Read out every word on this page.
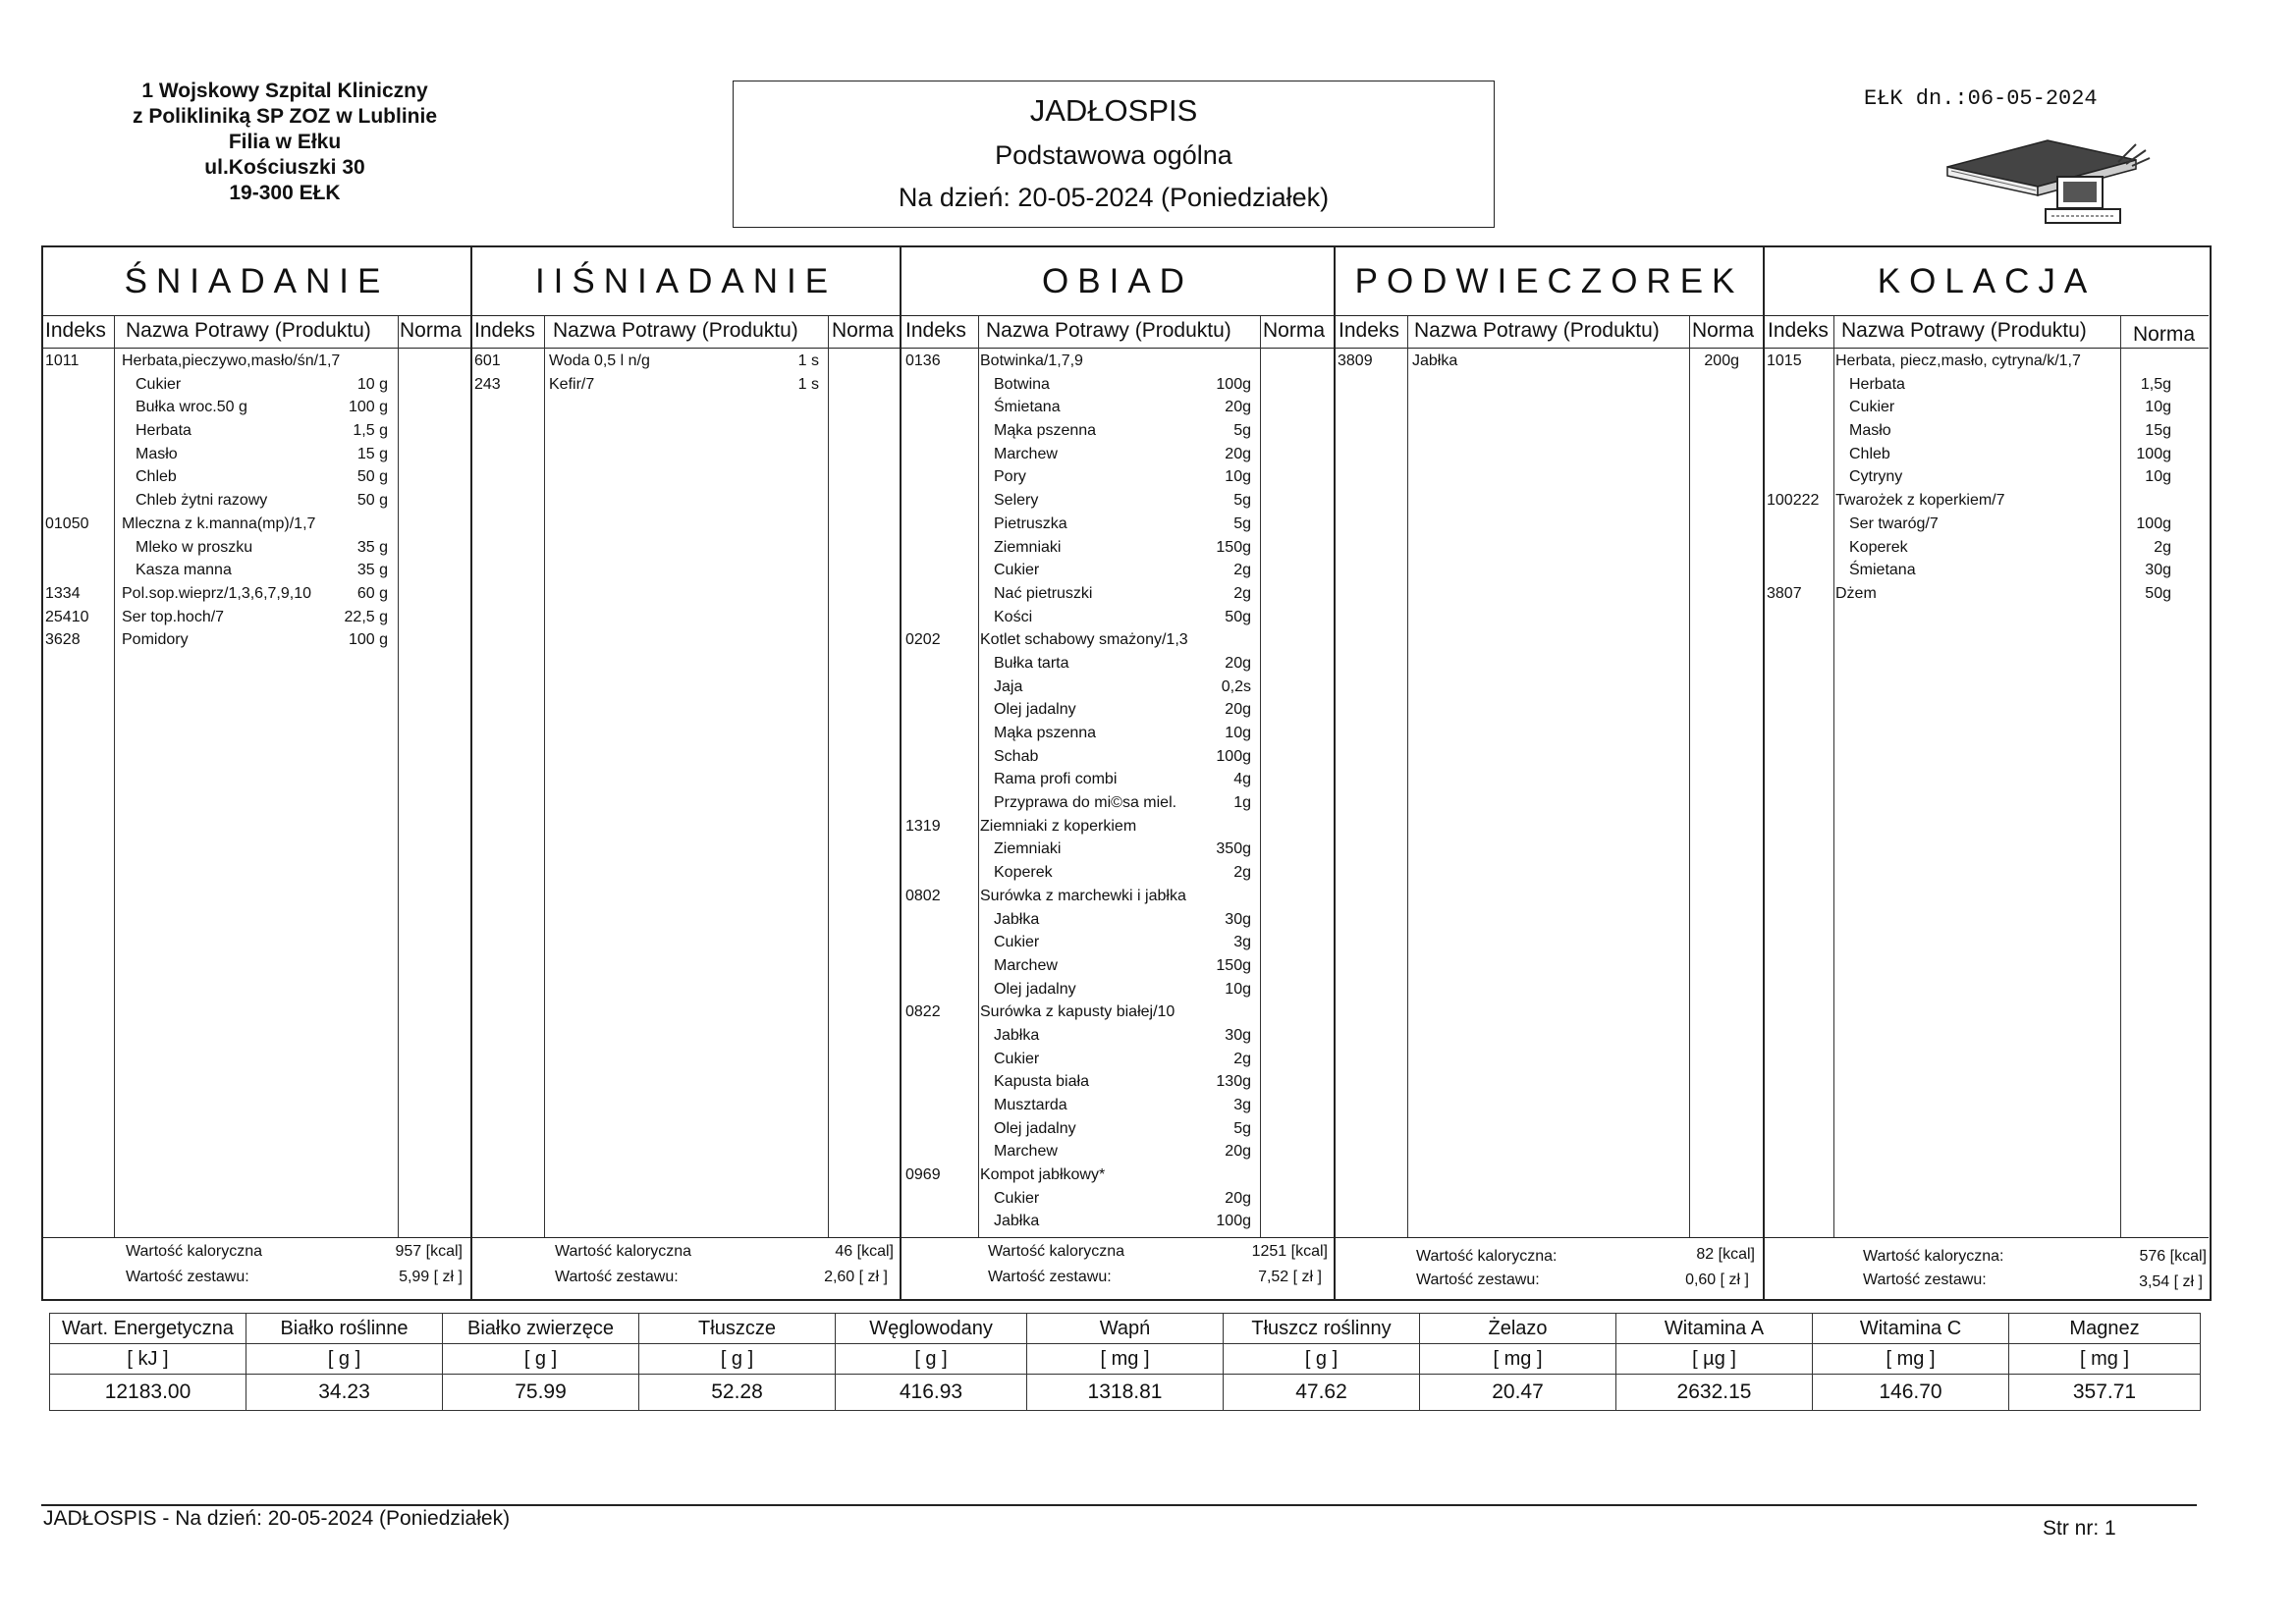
1 Wojskowy Szpital Kliniczny
z Polikliniką SP ZOZ w Lublinie
Filia w Ełku
ul.Kościuszki 30
19-300 EŁK
JADŁOSPIS
Podstawowa ogólna
Na dzień: 20-05-2024 (Poniedziałek)
EŁK dn.:06-05-2024
ŚNIADANIE
Indeks Nazwa Potrawy (Produktu) Norma
1011	Herbata,pieczywo,masło/śn/1,7
Cukier	10 g
Bułka wroc.50 g	100 g
Herbata	1,5 g
Masło	15 g
Chleb	50 g
Chleb żytni razowy	50 g
01050 Mleczna z k.manna(mp)/1,7
Mleko w proszku	35 g
Kasza manna	35 g
1334	Pol.sop.wieprz/1,3,6,7,9,10	60 g
25410 Ser top.hoch/7	22,5 g
3628	Pomidory	100 g
Wartość kaloryczna	957 [kcal]
Wartość zestawu:	5,99 [ zł ]
IIŚNIADANIE
Indeks Nazwa Potrawy (Produktu) Norma
601	Woda 0,5 l n/g	1 s
243	Kefir/7	1 s
Wartość kaloryczna	46 [kcal]
Wartość zestawu:	2,60 [ zł ]
OBIAD
Indeks Nazwa Potrawy (Produktu) Norma
0136	Botwinka/1,7,9
Botwina	100g
Śmietana	20g
Mąka pszenna	5g
Marchew	20g
Pory	10g
Selery	5g
Pietruszka	5g
Ziemniaki	150g
Cukier	2g
Nać pietruszki	2g
Kości	50g
0202	Kotlet schabowy smażony/1,3
Bułka tarta	20g
Jaja	0,2s
Olej jadalny	20g
Mąka pszenna	10g
Schab	100g
Rama profi combi	4g
Przyprawa do mi©sa miel.	1g
1319	Ziemniaki z koperkiem
Ziemniaki	350g
Koperek	2g
0802	Surówka z marchewki i jabłka
Jabłka	30g
Cukier	3g
Marchew	150g
Olej jadalny	10g
0822	Surówka z kapusty białej/10
Jabłka	30g
Cukier	2g
Kapusta biała	130g
Musztarda	3g
Olej jadalny	5g
Marchew	20g
0969	Kompot jabłkowy*
Cukier	20g
Jabłka	100g
Wartość kaloryczna	1251 [kcal]
Wartość zestawu:	7,52 [ zł ]
PODWIECZOREK
Indeks Nazwa Potrawy (Produktu) Norma
3809	Jabłka	200g
Wartość kaloryczna:	82 [kcal]
Wartość zestawu:	0,60 [ zł ]
KOLACJA
Indeks Nazwa Potrawy (Produktu) Norma
1015 Herbata, piecz,masło, cytryna/k/1,7
Herbata	1,5g
Cukier	10g
Masło	15g
Chleb	100g
Cytryny	10g
100222 Twarożek z koperkiem/7
Ser twaróg/7	100g
Koperek	2g
Śmietana	30g
3807 Dżem	50g
Wartość kaloryczna:	576 [kcal]
Wartość zestawu:	3,54 [ zł ]
Wart. Energetyczna	Białko roślinne	Białko zwierzęce	Tłuszcze	Węglowodany	Wapń	Tłuszcz roślinny	Żelazo	Witamina A	Witamina C	Magnez
[ kJ ]	[ g ]	[ g ]	[ g ]	[ g ]	[ mg ]	[ g ]	[ mg ]	[ µg ]	[ mg ]	[ mg ]
12183.00	34.23	75.99	52.28	416.93	1318.81	47.62	20.47	2632.15	146.70	357.71
JADŁOSPIS - Na dzień: 20-05-2024 (Poniedziałek)	Str nr: 1
